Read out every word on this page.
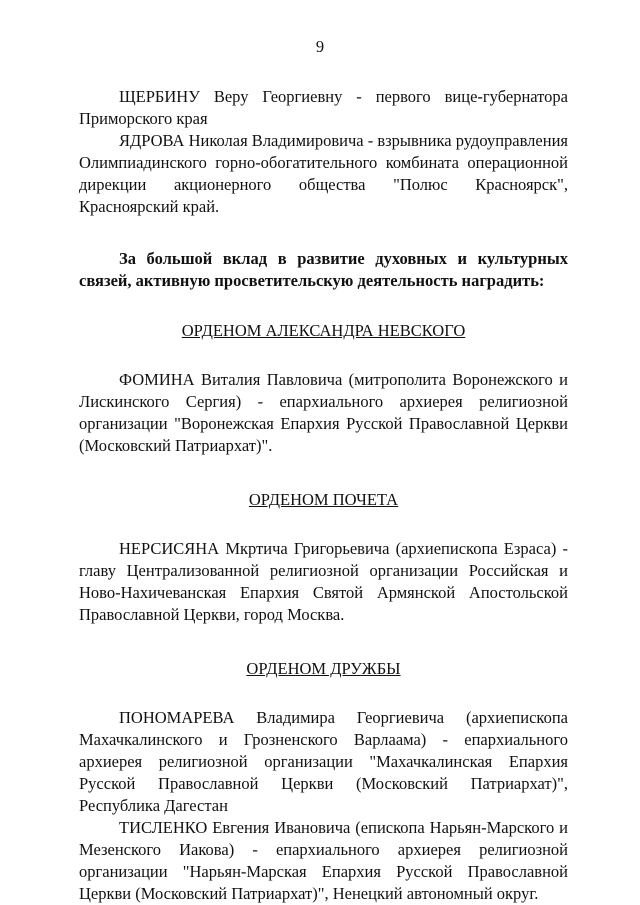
9

ЩЕРБИНУ Веру Георгиевну - первого вице-губернатора Приморского края

ЯДРОВА Николая Владимировича - взрывника рудоуправления Олимпиадинского горно-обогатительного комбината операционной дирекции акционерного общества "Полюс Красноярск", Красноярский край.

За большой вклад в развитие духовных и культурных связей, активную просветительскую деятельность наградить:

ОРДЕНОМ АЛЕКСАНДРА НЕВСКОГО

ФОМИНА Виталия Павловича (митрополита Воронежского и Лискинского Сергия) - епархиального архиерея религиозной организации "Воронежская Епархия Русской Православной Церкви (Московский Патриархат)".

ОРДЕНОМ ПОЧЕТА

НЕРСИСЯНА Мкртича Григорьевича (архиепископа Езраса) - главу Централизованной религиозной организации Российская и Ново-Нахичеванская Епархия Святой Армянской Апостольской Православной Церкви, город Москва.

ОРДЕНОМ ДРУЖБЫ

ПОНОМАРЕВА Владимира Георгиевича (архиепископа Махачкалинского и Грозненского Варлаама) - епархиального архиерея религиозной организации "Махачкалинская Епархия Русской Православной Церкви (Московский Патриархат)", Республика Дагестан

ТИСЛЕНКО Евгения Ивановича (епископа Нарьян-Марского и Мезенского Иакова) - епархиального архиерея религиозной организации "Нарьян-Марская Епархия Русской Православной Церкви (Московский Патриархат)", Ненецкий автономный округ.
